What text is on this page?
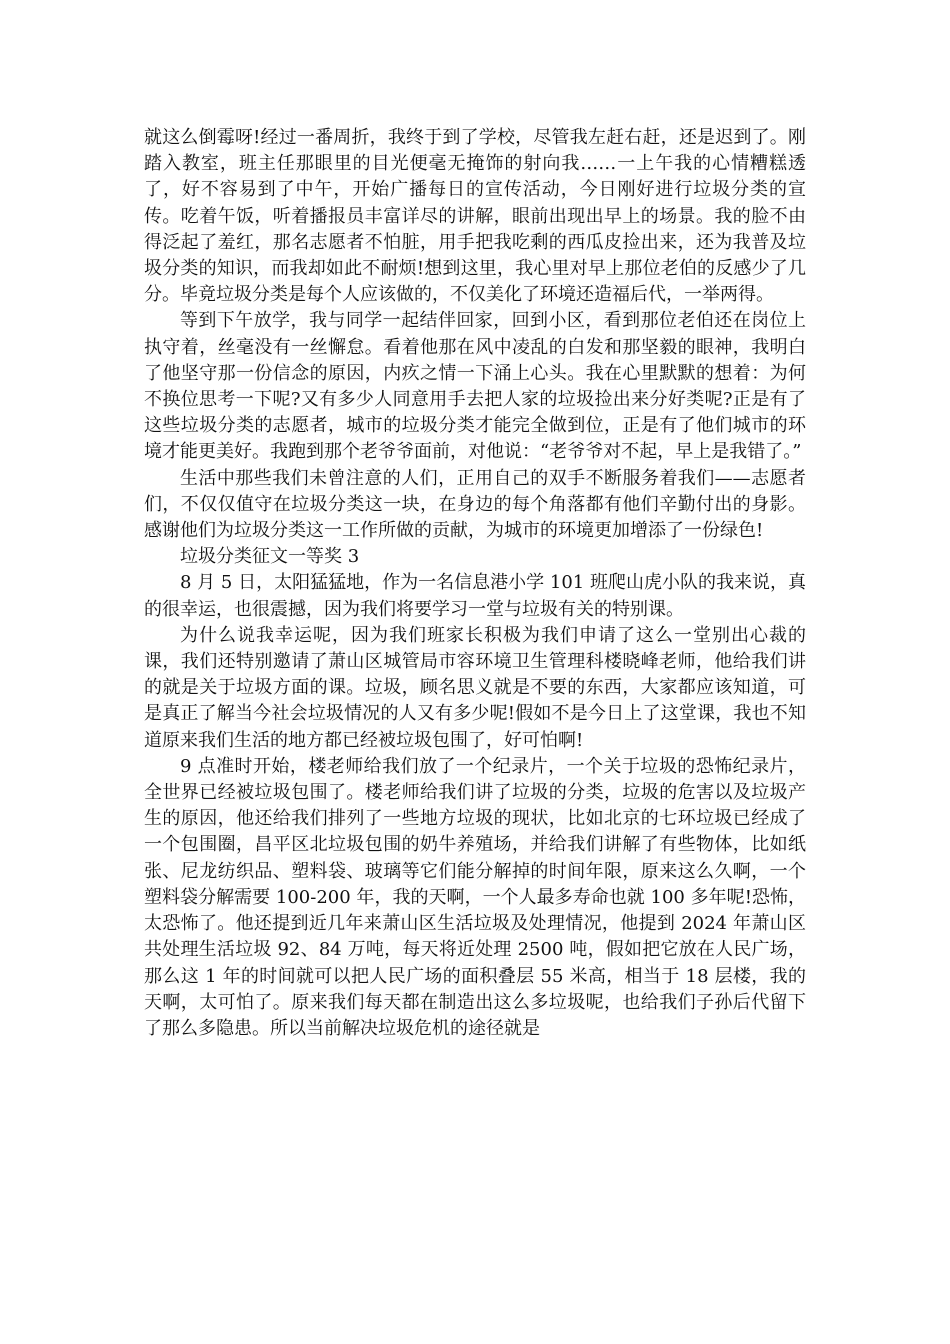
就这么倒霉呀!经过一番周折，我终于到了学校，尽管我左赶右赶，还是迟到了。刚踏入教室，班主任那眼里的目光便毫无掩饰的射向我……一上午我的心情糟糕透了，好不容易到了中午，开始广播每日的宣传活动，今日刚好进行垃圾分类的宣传。吃着午饭，听着播报员丰富详尽的讲解，眼前出现出早上的场景。我的脸不由得泛起了羞红，那名志愿者不怕脏，用手把我吃剩的西瓜皮捡出来，还为我普及垃圾分类的知识，而我却如此不耐烦!想到这里，我心里对早上那位老伯的反感少了几分。毕竟垃圾分类是每个人应该做的，不仅美化了环境还造福后代，一举两得。

等到下午放学，我与同学一起结伴回家，回到小区，看到那位老伯还在岗位上执守着，丝毫没有一丝懈怠。看着他那在风中凌乱的白发和那坚毅的眼神，我明白了他坚守那一份信念的原因，内疚之情一下涌上心头。我在心里默默的想着：为何不换位思考一下呢?又有多少人同意用手去把人家的垃圾捡出来分好类呢?正是有了这些垃圾分类的志愿者，城市的垃圾分类才能完全做到位，正是有了他们城市的环境才能更美好。我跑到那个老爷爷面前，对他说：“老爷爷对不起，早上是我错了。”

生活中那些我们未曾注意的人们，正用自己的双手不断服务着我们——志愿者们，不仅仅值守在垃圾分类这一块，在身边的每个角落都有他们辛勤付出的身影。感谢他们为垃圾分类这一工作所做的贡献，为城市的环境更加增添了一份绿色!

垃圾分类征文一等奖 3

8 月 5 日，太阳猛猛地，作为一名信息港小学 101 班爬山虎小队的我来说，真的很幸运，也很震撼，因为我们将要学习一堂与垃圾有关的特别课。

为什么说我幸运呢，因为我们班家长积极为我们申请了这么一堂别出心裁的课，我们还特别邀请了萧山区城管局市容环境卫生管理科楼晓峰老师，他给我们讲的就是关于垃圾方面的课。垃圾，顾名思义就是不要的东西，大家都应该知道，可是真正了解当今社会垃圾情况的人又有多少呢!假如不是今日上了这堂课，我也不知道原来我们生活的地方都已经被垃圾包围了，好可怕啊!

9 点准时开始，楼老师给我们放了一个纪录片，一个关于垃圾的恐怖纪录片，全世界已经被垃圾包围了。楼老师给我们讲了垃圾的分类，垃圾的危害以及垃圾产生的原因，他还给我们排列了一些地方垃圾的现状，比如北京的七环垃圾已经成了一个包围圈，昌平区北垃圾包围的奶牛养殖场，并给我们讲解了有些物体，比如纸张、尼龙纺织品、塑料袋、玻璃等它们能分解掉的时间年限，原来这么久啊，一个塑料袋分解需要 100-200 年，我的天啊，一个人最多寿命也就 100 多年呢!恐怖，太恐怖了。他还提到近几年来萧山区生活垃圾及处理情况，他提到 2024 年萧山区共处理生活垃圾 92、84 万吨，每天将近处理 2500 吨，假如把它放在人民广场，那么这 1 年的时间就可以把人民广场的面积叠层 55 米高，相当于 18 层楼，我的天啊，太可怕了。原来我们每天都在制造出这么多垃圾呢，也给我们子孙后代留下了那么多隐患。所以当前解决垃圾危机的途径就是
